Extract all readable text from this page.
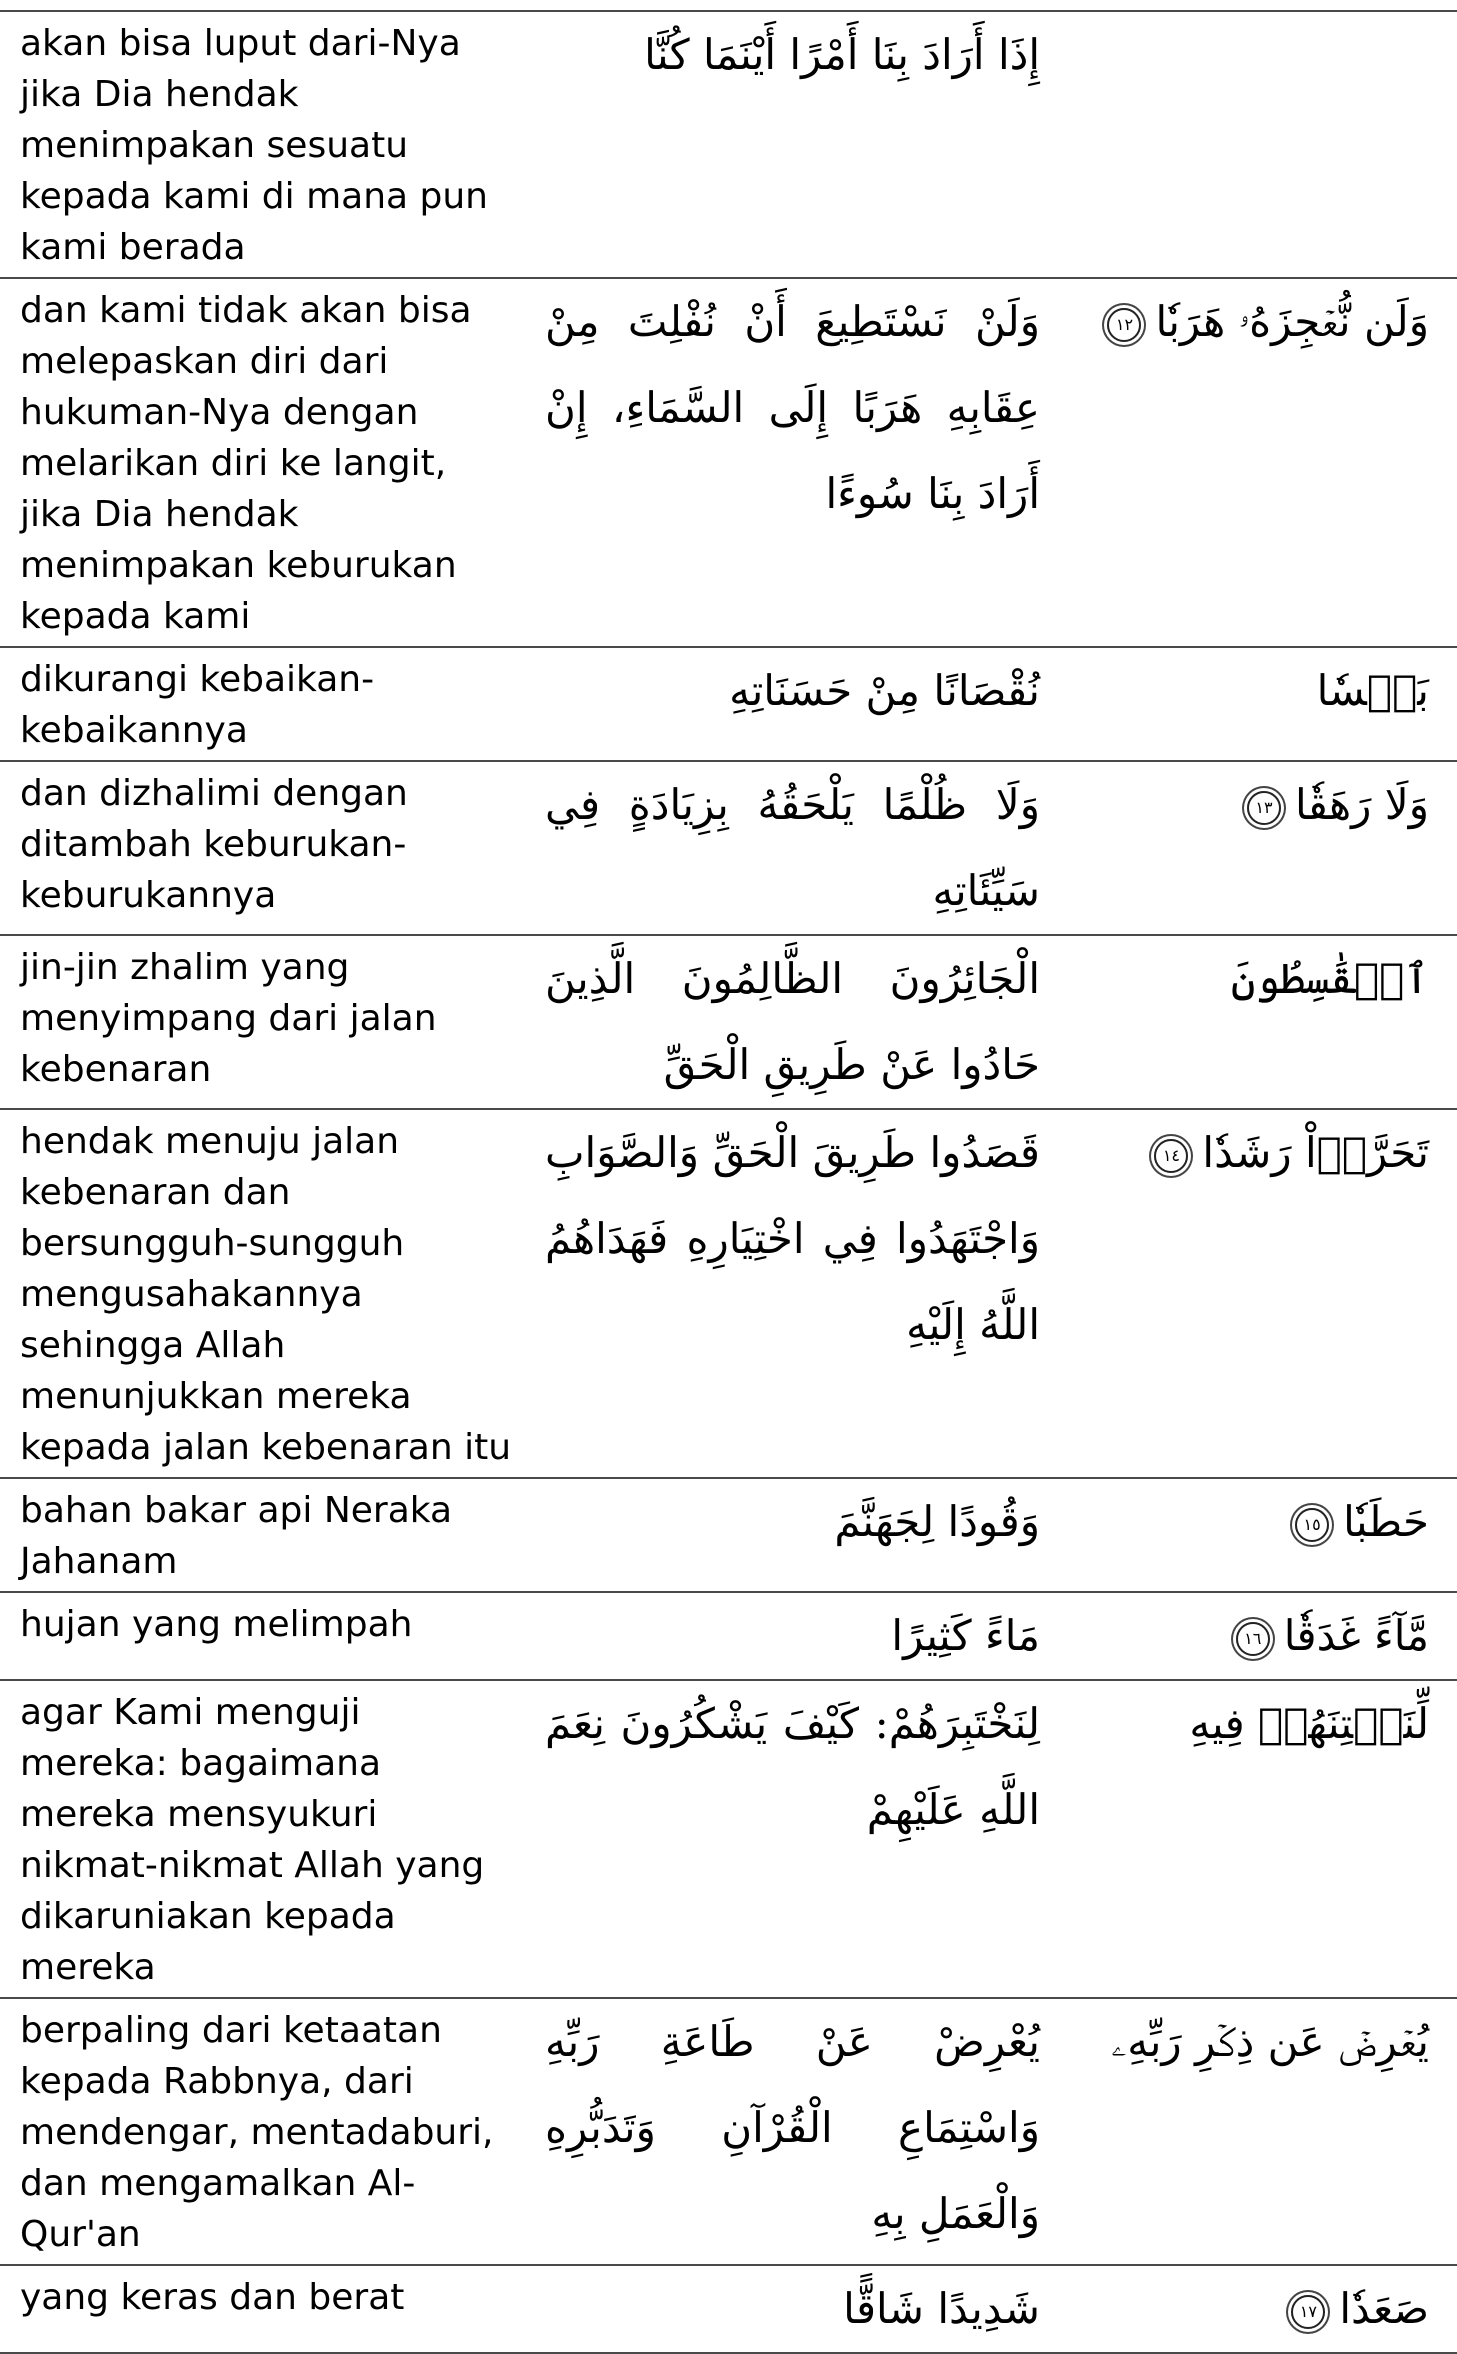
akan bisa luput dari-Nya jika Dia hendak menimpakan sesuatu kepada kami di mana pun kami berada	إِذَا أَرَادَ بِنَا أَمْرًا أَيْنَمَا كُنَّا	
dan kami tidak akan bisa melepaskan diri dari hukuman-Nya dengan melarikan diri ke langit, jika Dia hendak menimpakan keburukan kepada kami	وَلَنْ نَسْتَطِيعَ أَنْ نُفْلِتَ مِنْ عِقَابِهِ هَرَبًا إِلَى السَّمَاءِ، إِنْ أَرَادَ بِنَا سُوءًا	وَلَن نُّعۡجِزَهُۥ هَرَبٗا١٢
dikurangi kebaikan-kebaikannya	نُقْصَانًا مِنْ حَسَنَاتِهِ	بَخۡسٗا
dan dizhalimi dengan ditambah keburukan-keburukannya	وَلَا ظُلْمًا يَلْحَقُهُ بِزِيَادَةٍ فِي سَيِّئَاتِهِ	وَلَا رَهَقٗا١٣
jin-jin zhalim yang menyimpang dari jalan kebenaran	الْجَائِرُونَ الظَّالِمُونَ الَّذِينَ حَادُوا عَنْ طَرِيقِ الْحَقِّ	ٱلۡقَٰسِطُونَ
hendak menuju jalan kebenaran dan bersungguh-sungguh mengusahakannya sehingga Allah menunjukkan mereka kepada jalan kebenaran itu	قَصَدُوا طَرِيقَ الْحَقِّ وَالصَّوَابِ وَاجْتَهَدُوا فِي اخْتِيَارِهِ فَهَدَاهُمُ اللَّهُ إِلَيْهِ	تَحَرَّوۡاْ رَشَدٗا١٤
bahan bakar api Neraka Jahanam	وَقُودًا لِجَهَنَّمَ	حَطَبٗا١٥
hujan yang melimpah	مَاءً كَثِيرًا	مَّآءً غَدَقٗا١٦
agar Kami menguji mereka: bagaimana mereka mensyukuri nikmat-nikmat Allah yang dikaruniakan kepada mereka	لِنَخْتَبِرَهُمْ: كَيْفَ يَشْكُرُونَ نِعَمَ اللَّهِ عَلَيْهِمْ	لِّنَفۡتِنَهُمۡ فِيهِ
berpaling dari ketaatan kepada Rabbnya, dari mendengar, mentadaburi, dan mengamalkan Al-Qur'an	يُعْرِضْ عَنْ طَاعَةِ رَبِّهِ وَاسْتِمَاعِ الْقُرْآنِ وَتَدَبُّرِهِ وَالْعَمَلِ بِهِ	يُعۡرِضۡ عَن ذِكۡرِ رَبِّهِۦ
yang keras dan berat	شَدِيدًا شَاقًّا	صَعَدٗا١٧
